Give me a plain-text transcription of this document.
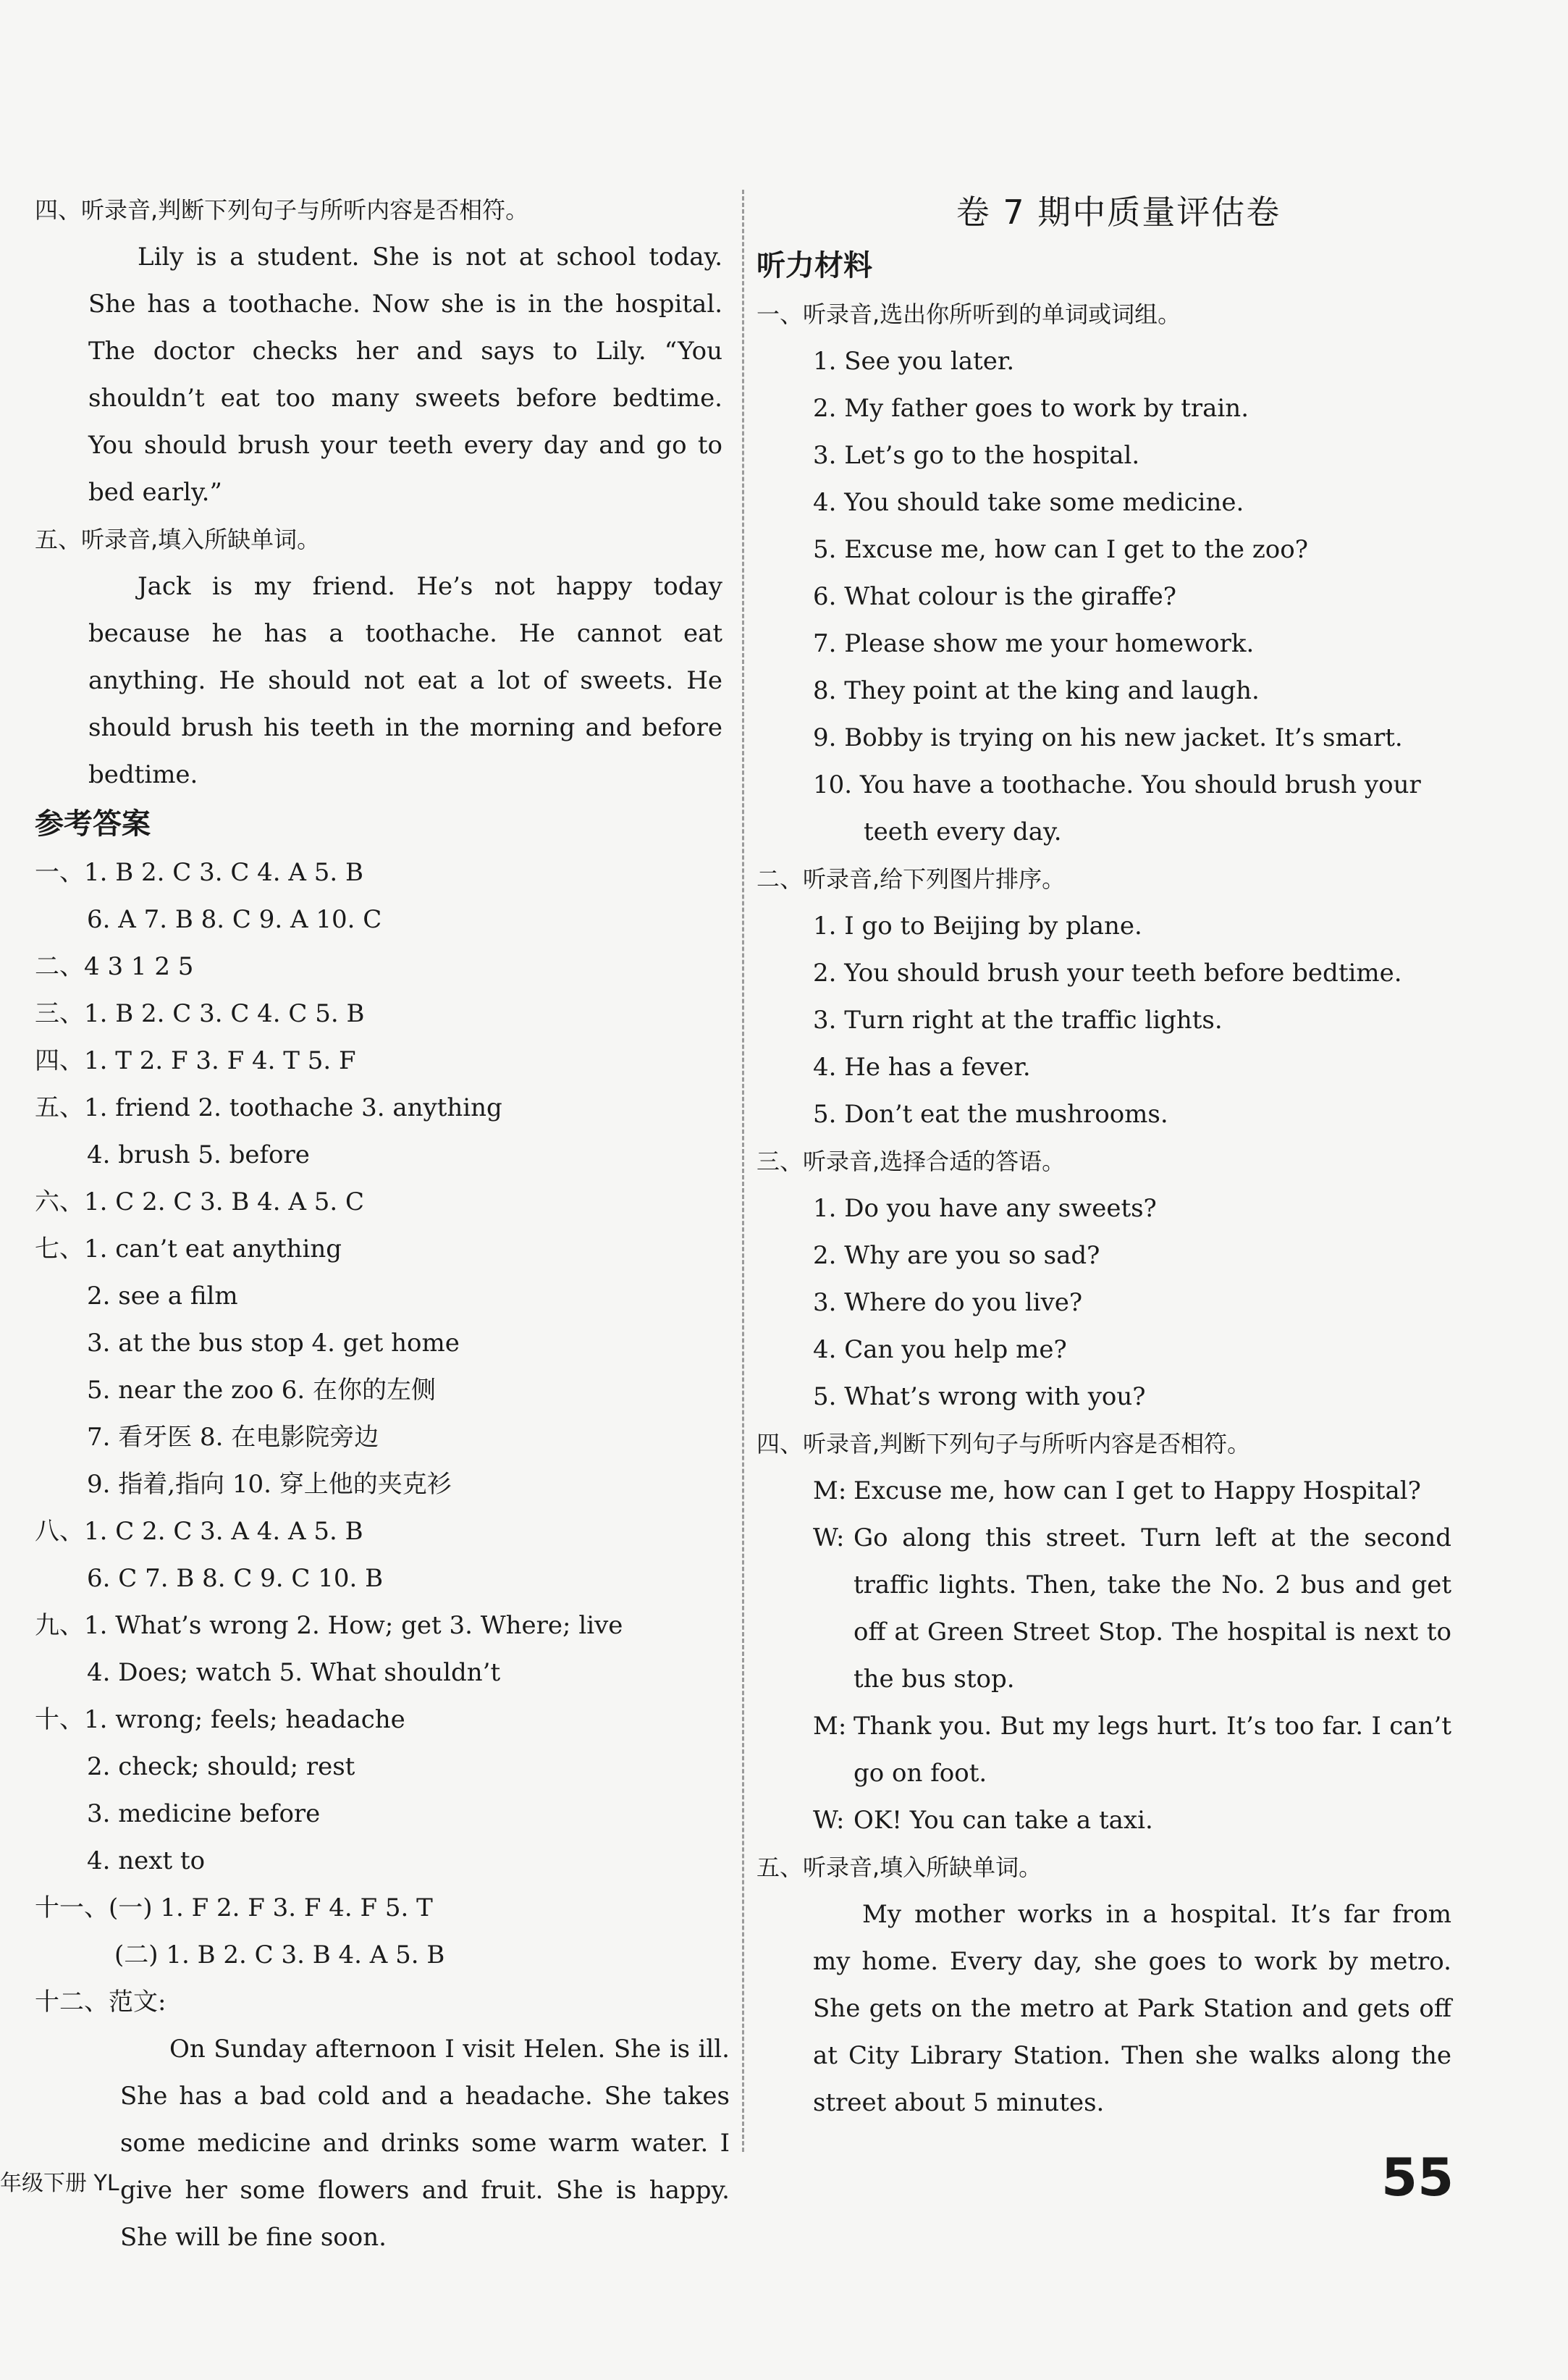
四、听录音,判断下列句子与所听内容是否相符。
Lily is a student. She is not at school today. She has a toothache. Now she is in the hospital. The doctor checks her and says to Lily. “You shouldn’t eat too many sweets before bedtime. You should brush your teeth every day and go to bed early.”
五、听录音,填入所缺单词。
Jack is my friend. He’s not happy today because he has a toothache. He cannot eat anything. He should not eat a lot of sweets. He should brush his teeth in the morning and before bedtime.
参考答案
一、1. B 2. C 3. C 4. A 5. B
6. A 7. B 8. C 9. A 10. C
二、4 3 1 2 5
三、1. B 2. C 3. C 4. C 5. B
四、1. T 2. F 3. F 4. T 5. F
五、1. friend 2. toothache 3. anything
4. brush 5. before
六、1. C 2. C 3. B 4. A 5. C
七、1. can’t eat anything
2. see a film
3. at the bus stop 4. get home
5. near the zoo 6. 在你的左侧
7. 看牙医 8. 在电影院旁边
9. 指着,指向 10. 穿上他的夹克衫
八、1. C 2. C 3. A 4. A 5. B
6. C 7. B 8. C 9. C 10. B
九、1. What’s wrong 2. How; get 3. Where; live
4. Does; watch 5. What shouldn’t
十、1. wrong; feels; headache
2. check; should; rest
3. medicine before
4. next to
十一、(一) 1. F 2. F 3. F 4. F 5. T
(二) 1. B 2. C 3. B 4. A 5. B
十二、范文:
On Sunday afternoon I visit Helen. She is ill. She has a bad cold and a headache. She takes some medicine and drinks some warm water. I give her some flowers and fruit. She is happy. She will be fine soon.
卷 7 期中质量评估卷
听力材料
一、听录音,选出你所听到的单词或词组。
1. See you later.
2. My father goes to work by train.
3. Let’s go to the hospital.
4. You should take some medicine.
5. Excuse me, how can I get to the zoo?
6. What colour is the giraffe?
7. Please show me your homework.
8. They point at the king and laugh.
9. Bobby is trying on his new jacket. It’s smart.
10. You have a toothache. You should brush your
teeth every day.
二、听录音,给下列图片排序。
1. I go to Beijing by plane.
2. You should brush your teeth before bedtime.
3. Turn right at the traffic lights.
4. He has a fever.
5. Don’t eat the mushrooms.
三、听录音,选择合适的答语。
1. Do you have any sweets?
2. Why are you so sad?
3. Where do you live?
4. Can you help me?
5. What’s wrong with you?
四、听录音,判断下列句子与所听内容是否相符。
M: Excuse me, how can I get to Happy Hospital?
W: Go along this street. Turn left at the second traffic lights. Then, take the No. 2 bus and get off at Green Street Stop. The hospital is next to the bus stop.
M: Thank you. But my legs hurt. It’s too far. I can’t go on foot.
W: OK! You can take a taxi.
五、听录音,填入所缺单词。
My mother works in a hospital. It’s far from my home. Every day, she goes to work by metro. She gets on the metro at Park Station and gets off at City Library Station. Then she walks along the street about 5 minutes.
年级下册 YL	55
